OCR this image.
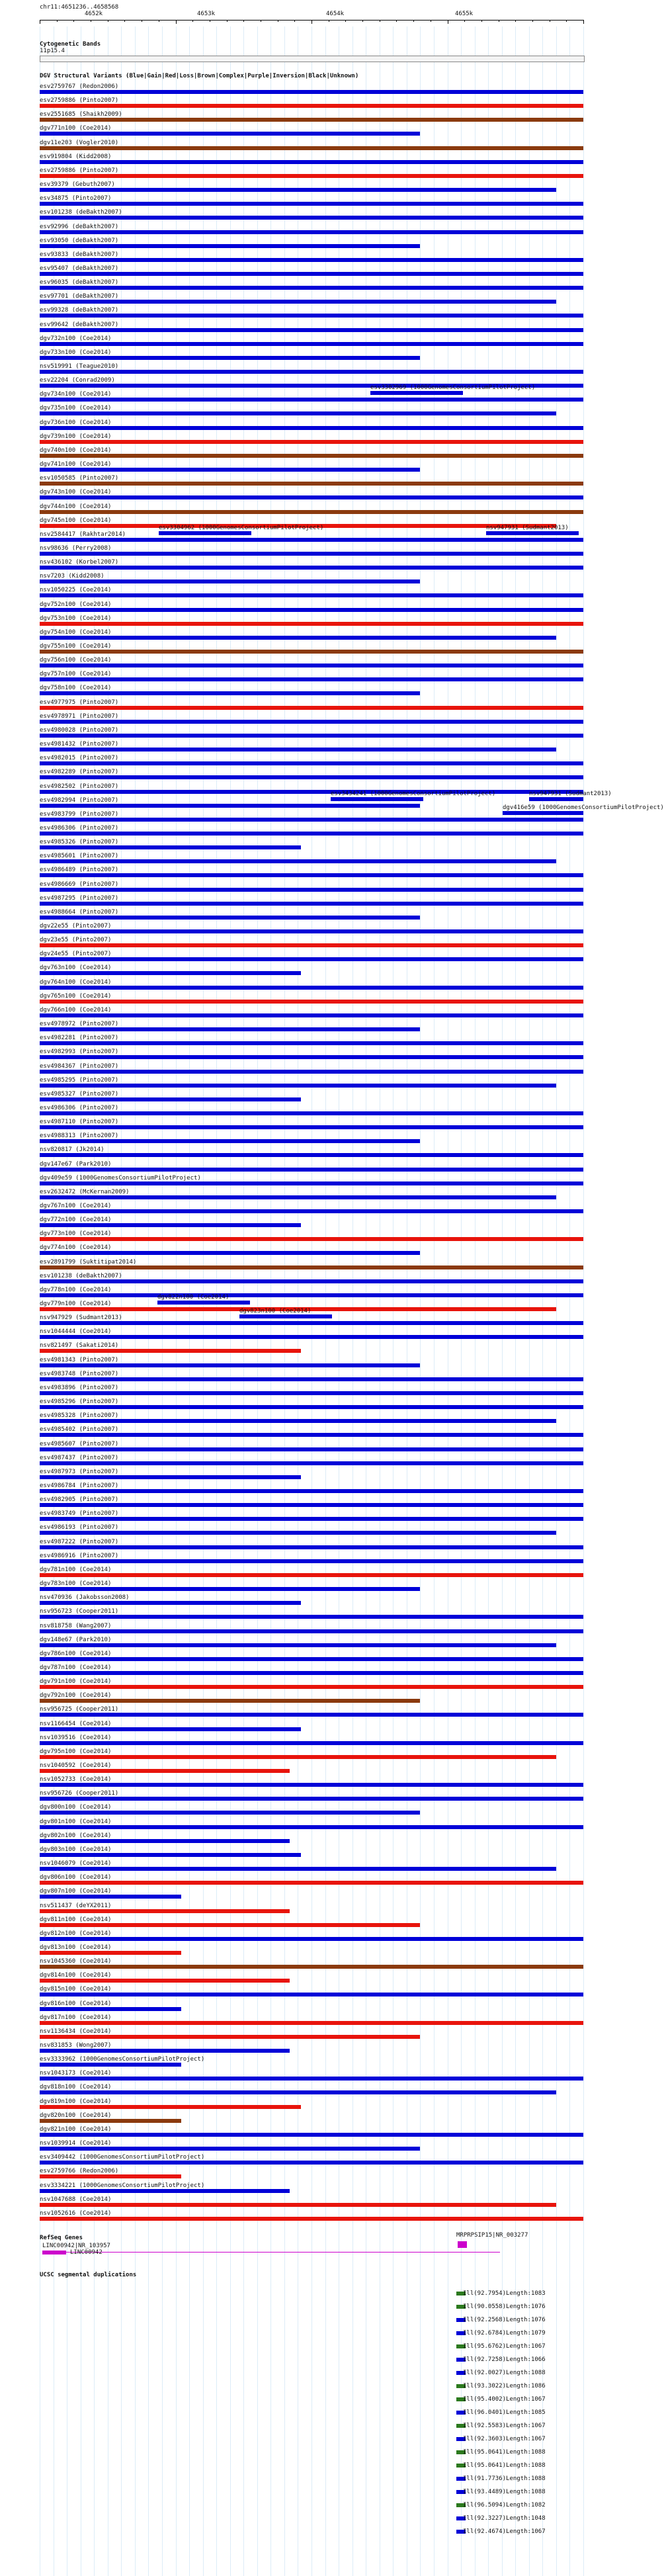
chr11:4651236..4658568
4652k	4653k	4654k	4655k
Cytogenetic Bands
11p15.4
DGV Structural Variants (Blue|Gain|Red|Loss|Brown|Complex|Purple|Inversion|Black|Unknown)
esv2759767 (Redon2006)
esv2759886 (Pinto2007)
esv2551685 (Shaikh2009)
dgv771n100 (Coe2014)
dgv11e203 (Vogler2010)
esv919804 (Kidd2008)
esv2759886 (Pinto2007)
esv39379 (Gebuth2007)
esv34875 (Pinto2007)
esv101238 (deBakth2007)
esv92996 (deBakth2007)
esv93050 (deBakth2007)
esv93833 (deBakth2007)
esv95407 (deBakth2007)
esv96035 (deBakth2007)
esv97701 (deBakth2007)
esv99328 (deBakth2007)
esv99642 (deBakth2007)
dgv732n100 (Coe2014)
dgv733n100 (Coe2014)
nsv519991 (Teague2010)
esv22204 (Conrad2009)
dgv734n100 (Coe2014)
dgv735n100 (Coe2014)
dgv736n100 (Coe2014)
dgv739n100 (Coe2014)
dgv740n100 (Coe2014)
dgv741n100 (Coe2014)
esv1050585 (Pinto2007)
dgv743n100 (Coe2014)
dgv744n100 (Coe2014)
dgv745n100 (Coe2014)
nsv2584417 (Rakhtar2014)
nsv98636 (Perry2008)
nsv436102 (Korbel2007)
nsv7203 (Kidd2008)
nsv1050225 (Coe2014)
dgv752n100 (Coe2014)
dgv753n100 (Coe2014)
dgv754n100 (Coe2014)
dgv755n100 (Coe2014)
dgv756n100 (Coe2014)
dgv757n100 (Coe2014)
dgv758n100 (Coe2014)
esv4977975 (Pinto2007)
esv4978971 (Pinto2007)
esv4980028 (Pinto2007)
esv4981432 (Pinto2007)
esv4982015 (Pinto2007)
esv4982289 (Pinto2007)
esv4982502 (Pinto2007)
esv4982994 (Pinto2007)
esv4983799 (Pinto2007)
esv4986306 (Pinto2007)
esv4985326 (Pinto2007)
esv4985601 (Pinto2007)
esv4986489 (Pinto2007)
esv4986669 (Pinto2007)
esv4987295 (Pinto2007)
esv4988664 (Pinto2007)
dgv22e55 (Pinto2007)
dgv23e55 (Pinto2007)
dgv24e55 (Pinto2007)
dgv763n100 (Coe2014)
dgv764n100 (Coe2014)
dgv765n100 (Coe2014)
dgv766n100 (Coe2014)
esv4978972 (Pinto2007)
esv4982281 (Pinto2007)
esv4982993 (Pinto2007)
esv4984367 (Pinto2007)
esv4985295 (Pinto2007)
esv4985327 (Pinto2007)
esv4986306 (Pinto2007)
esv4987110 (Pinto2007)
esv4988313 (Pinto2007)
nsv820817 (Jk2014)
dgv147e67 (Park2010)
dgv409e59 (1000GenomesConsortiumPilotProject)
esv2632472 (McKernan2009)
dgv767n100 (Coe2014)
dgv772n100 (Coe2014)
dgv773n100 (Coe2014)
dgv774n100 (Coe2014)
esv2891799 (Suktitipat2014)
esv101238 (deBakth2007)
dgv778n100 (Coe2014)
dgv779n100 (Coe2014)
nsv947929 (Sudmant2013)
nsv1044444 (Coe2014)
nsv821497 (Sakati2014)
esv4981343 (Pinto2007)
esv4983748 (Pinto2007)
esv4983896 (Pinto2007)
esv4985296 (Pinto2007)
esv4985328 (Pinto2007)
esv4985402 (Pinto2007)
esv4985607 (Pinto2007)
esv4987437 (Pinto2007)
esv4987973 (Pinto2007)
esv4986784 (Pinto2007)
esv4982905 (Pinto2007)
esv4983749 (Pinto2007)
esv4986193 (Pinto2007)
esv4987222 (Pinto2007)
esv4986916 (Pinto2007)
dgv781n100 (Coe2014)
dgv783n100 (Coe2014)
nsv470936 (Jakobsson2008)
nsv956723 (Cooper2011)
nsv818758 (Wang2007)
dgv148e67 (Park2010)
dgv786n100 (Coe2014)
dgv787n100 (Coe2014)
dgv791n100 (Coe2014)
dgv792n100 (Coe2014)
nsv956725 (Cooper2011)
nsv1166454 (Coe2014)
nsv1039516 (Coe2014)
dgv795n100 (Coe2014)
nsv1040592 (Coe2014)
nsv1052733 (Coe2014)
nsv956726 (Cooper2011)
dgv800n100 (Coe2014)
dgv801n100 (Coe2014)
dgv802n100 (Coe2014)
dgv803n100 (Coe2014)
nsv1046079 (Coe2014)
dgv806n100 (Coe2014)
dgv807n100 (Coe2014)
nsv511437 (deYX2011)
dgv811n100 (Coe2014)
dgv812n100 (Coe2014)
dgv813n100 (Coe2014)
nsv1045360 (Coe2014)
dgv814n100 (Coe2014)
dgv815n100 (Coe2014)
dgv816n100 (Coe2014)
dgv817n100 (Coe2014)
nsv1136434 (Coe2014)
nsv831853 (Wong2007)
esv3333962 (1000GenomesConsortiumPilotProject)
nsv1043173 (Coe2014)
dgv818n100 (Coe2014)
dgv819n100 (Coe2014)
dgv820n100 (Coe2014)
dgv821n100 (Coe2014)
nsv1039914 (Coe2014)
esv3409442 (1000GenomesConsortiumPilotProject)
esv2759766 (Redon2006)
esv3334221 (1000GenomesConsortiumPilotProject)
nsv1047688 (Coe2014)
nsv1052616 (Coe2014)
esv3302969 (1000GenomesConsortiumPilotProject)
esv3304962 (1000GenomesConsortiumPilotProject)	nsv947931 (Sudmant2013)
esv3434241 (1000GenomesConsortiumPilotProject)	nsv947931 (Sudmant2013)
dgv416e59 (1000GenomesConsortiumPilotProject)
dgv822n100 (Coe2014)
dgv823n100 (Coe2014)
RefSeq Genes
LINC00942|NR_103957
LINC00942
MRPRPSIP15|NR_003277
UCSC segmental duplications
Ill(92.7954)Length:1083
Ill(90.0558)Length:1076
Ill(92.2568)Length:1076
Ill(92.6784)Length:1079
Ill(95.6762)Length:1067
Ill(92.7258)Length:1066
Ill(92.0027)Length:1088
Ill(93.3022)Length:1086
Ill(95.4002)Length:1067
Ill(96.0401)Length:1085
Ill(92.5583)Length:1067
Ill(92.3603)Length:1067
Ill(95.0641)Length:1088
Ill(95.0641)Length:1088
Ill(91.7736)Length:1088
Ill(93.4489)Length:1088
Ill(96.5094)Length:1082
Ill(92.3227)Length:1048
Ill(92.4674)Length:1067
